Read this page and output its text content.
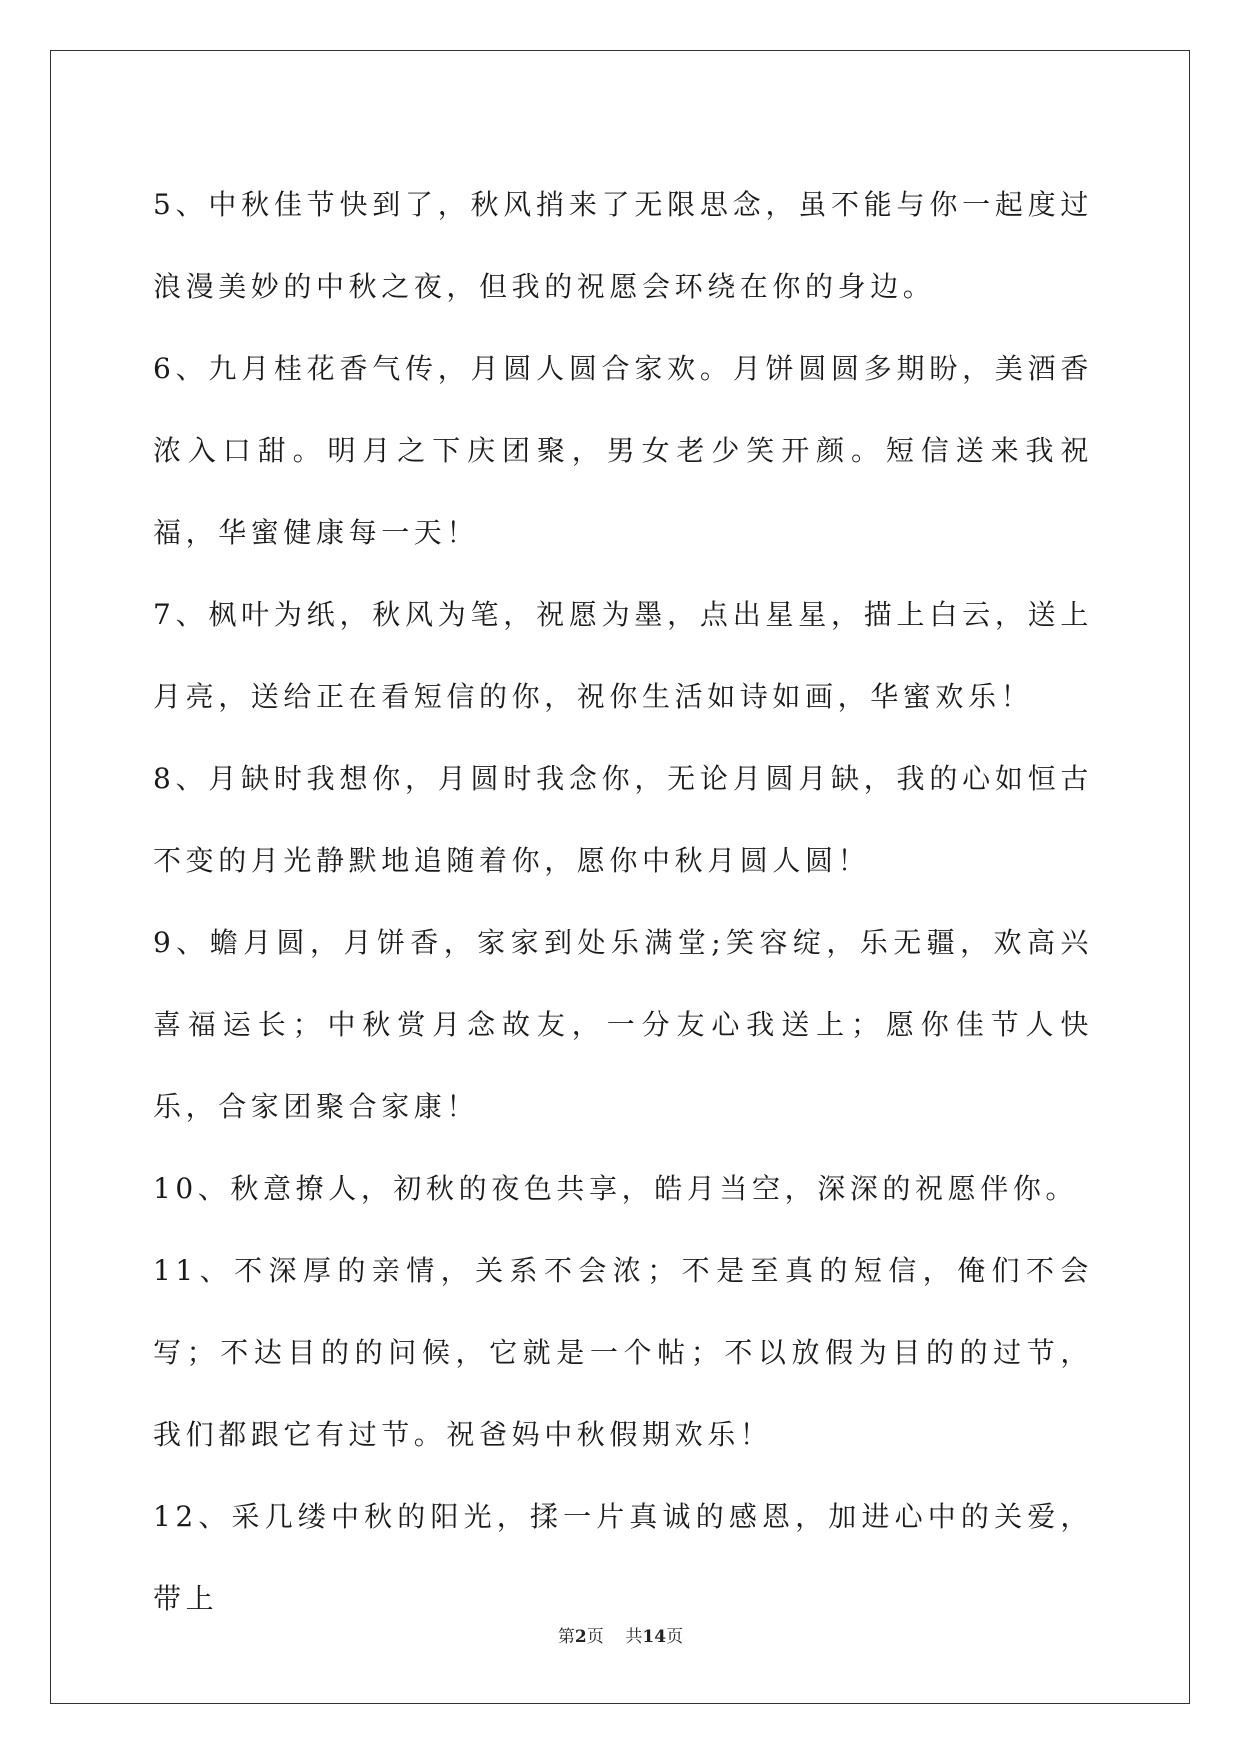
5、中秋佳节快到了，秋风捎来了无限思念，虽不能与你一起度过浪漫美妙的中秋之夜，但我的祝愿会环绕在你的身边。

6、九月桂花香气传，月圆人圆合家欢。月饼圆圆多期盼，美酒香浓入口甜。明月之下庆团聚，男女老少笑开颜。短信送来我祝福，华蜜健康每一天！

7、枫叶为纸，秋风为笔，祝愿为墨，点出星星，描上白云，送上月亮，送给正在看短信的你，祝你生活如诗如画，华蜜欢乐！

8、月缺时我想你，月圆时我念你，无论月圆月缺，我的心如恒古不变的月光静默地追随着你，愿你中秋月圆人圆！

9、蟾月圆，月饼香，家家到处乐满堂;笑容绽，乐无疆，欢高兴喜福运长；中秋赏月念故友，一分友心我送上；愿你佳节人快乐，合家团聚合家康！

10、秋意撩人，初秋的夜色共享，皓月当空，深深的祝愿伴你。

11、不深厚的亲情，关系不会浓；不是至真的短信，俺们不会写；不达目的的问候，它就是一个帖；不以放假为目的的过节，我们都跟它有过节。祝爸妈中秋假期欢乐！

12、采几缕中秋的阳光，揉一片真诚的感恩，加进心中的关爱，带上

第2页 共14页
